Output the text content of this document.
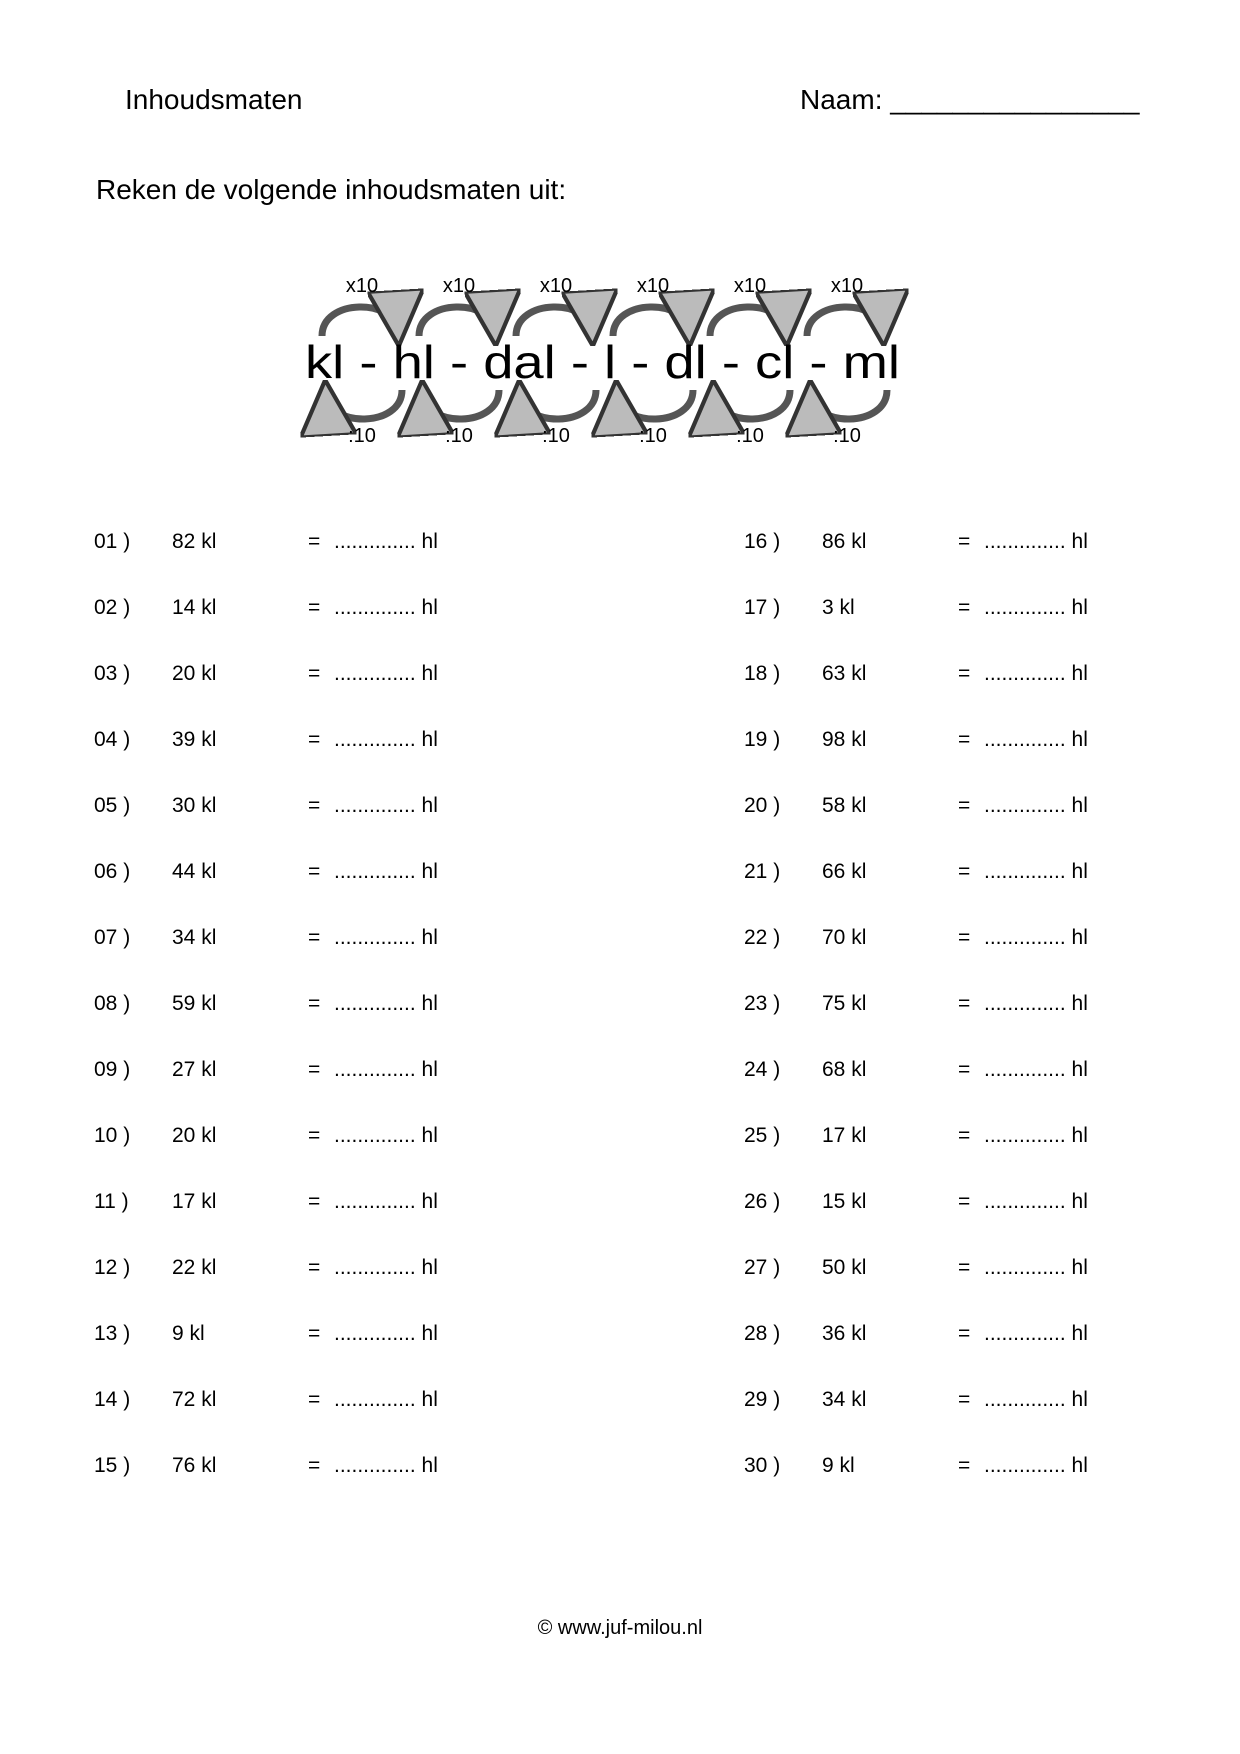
Inhoudsmaten	Naam: ________________
Reken de volgende inhoudsmaten uit:
x10	x10	x10	x10	x10	x10
:10	:10	:10	:10	:10	:10
kl - hl - dal - l - dl - cl - ml
01 ) 82 kl	= .............. hl
02 ) 14 kl	= .............. hl
03 ) 20 kl	= .............. hl
04 ) 39 kl	= .............. hl
05 ) 30 kl	= .............. hl
06 ) 44 kl	= .............. hl
07 ) 34 kl	= .............. hl
08 ) 59 kl	= .............. hl
09 ) 27 kl	= .............. hl
10 ) 20 kl	= .............. hl
11 ) 17 kl	= .............. hl
12 ) 22 kl	= .............. hl
13 ) 9 kl	= .............. hl
14 ) 72 kl	= .............. hl
15 ) 76 kl	= .............. hl
16 ) 86 kl	= .............. hl
17 ) 3 kl	= .............. hl
18 ) 63 kl	= .............. hl
19 ) 98 kl	= .............. hl
20 ) 58 kl	= .............. hl
21 ) 66 kl	= .............. hl
22 ) 70 kl	= .............. hl
23 ) 75 kl	= .............. hl
24 ) 68 kl	= .............. hl
25 ) 17 kl	= .............. hl
26 ) 15 kl	= .............. hl
27 ) 50 kl	= .............. hl
28 ) 36 kl	= .............. hl
29 ) 34 kl	= .............. hl
30 ) 9 kl	= .............. hl
© www.juf-milou.nl
